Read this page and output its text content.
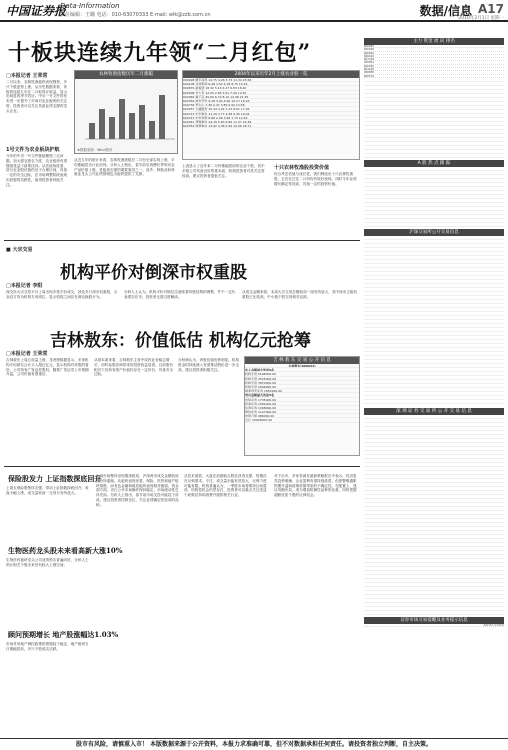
中国证券报
Data·Information
责任编辑：王璐 电话：010-63070333 E-mail: wlk@zzb.com.cn	数据/信息 A17
2010年2月1日 星期一
十板块连续九年领“二月红包”
□本报记者 王荣常
二月以来，农林牧渔板块表现强势，多只个股逆势上涨，从历史数据来看，该板块连续九年在二月取得正收益，显示出明显的季节效应。中央一号文件的发布进一步提升了市场对农业板块的关注度，投资者可以关注具备业绩支撑的龙头企业。
1号文件为农业板块护航
今年的中央一号文件继续聚焦三农问题，加大强农惠农力度，农业板块有望继续受益于政策扶持。从估值角度看，部分农业股估值仍处于合理区间，具备一定的安全边际，在市场调整阶段表现出较强的抗跌性，值得投资者持续关注。
农林牧渔指数历年二月涨幅
★数据来源：Wind资讯
从近九年的统计来看，农林牧渔指数在二月份全部实现上涨，平均涨幅居各行业前列。分析人士指出，春节前后消费旺季带动农产品价格上涨，是板块走强的重要原因之一。此外，种植业和养殖业龙头公司业绩预增也为板块提供了支撑。
2004年以来历年2月上涨农业股一览
000998 隆平高科 14.75 4.26 5.73 11.34 23.56
600108 亚盛集团 6.48 3.52 4.18 8.75 15.22
000876 新希望 18.32 5.14 6.27 9.83 18.40
600598 北大荒 12.05 2.83 3.91 7.26 14.87
002069 獐子岛 45.60 6.72 8.15 12.48 21.35
600359 新农开发 9.18 3.04 4.66 10.17 16.93
000735 罗牛山 7.36 2.47 3.85 6.92 13.58
600257 大湖股份 10.44 4.01 5.23 8.61 17.26
000713 丰乐种业 11.29 3.77 4.98 9.45 19.04
600313 中农资源 8.86 2.96 3.48 7.73 12.65
002041 登海种业 24.15 5.63 6.84 11.27 20.39
600354 敦煌种业 13.92 4.38 5.56 10.06 18.71
上表显示了近年来二月份涨幅居前的农业个股，其中多数公司具备良好的基本面，机构投资者对其关注度较高，建议投资者逢低关注。
十只农林牧渔股投资价值
综合考虑估值与成长性，我们筛选出十只农林牧渔股，它们在过往二月份均有较好表现，同时今年业绩增长确定性较高，具备一定的投资价值。
■ 大宗交易
机构平价对倒深市权重股
□本报记者 李阳
深交所大宗交易平台上周出现多笔平价成交，涉及多只深市权重股，买卖双方均为机构专用席位，显示机构之间存在调仓换股行为。
分析人士认为，机构平价对倒往往意味着持股结构的调整，并不一定代表看空后市，投资者无需过度解读。
从成交金额来看，本周大宗交易总额较前一周有所放大，其中深市主板权重股占比较高，中小板个股交易相对活跃。
吉林敖东：价值低估 机构亿元抢筹
□本报记者 王荣常
吉林敖东上周五放量上涨，龙虎榜数据显示，多家机构专用席位合计买入超过亿元，显示机构对该股的看好。公司持有广发证券股权，随着广发证券上市预期升温，公司价值有望重估。
从基本面来看，吉林敖东主营中成药业务稳定增长，同时参股券商带来的投资收益显著。目前股价相对于其持有资产价值仍存在一定折价，具备安全边际。
分析师认为，该股估值优势明显，机构资金的持续流入有望推动股价进一步走高，建议投资者积极关注。
吉 林 敖 东 交 易 公 开 信 息
吉林敖东(000623)
买入金额最大的前5名
机构专用 5168000.00
机构专用 4525000.00
机构专用 3870000.00
机构专用 2946000.00
国泰君安证券 1852000.00
卖出金额最大的前5名
中信证券 1735000.00
招商证券 1562000.00
华泰证券 1308000.00
国信证券 1147000.00
申银万国 986000.00
合计 20099000.00
保险股发力 上证指数探底回升
上周五保险股集体走强，带动上证指数探底回升，收盘小幅上涨，成交量较前一交易日有所放大。
生物医药龙头股未来看高新大涨10%
生物医药板块龙头公司业绩预告普遍向好，分析人士预计相关个股未来仍有较大上涨空间。
顾问预期增长 地产股涨幅达1.03%
市场对房地产调控政策的预期趋于稳定，地产板块当日涨幅居前，多只个股成交活跃。
上周市场整体呈现震荡格局，沪深两市成交金额较前期有所萎缩。从板块表现来看，保险、医药和地产板块领涨，而有色金属和煤炭板块表现相对疲弱。资金面方面，央行公开市场操作保持稳定，市场流动性总体充裕。分析人士指出，春节前市场交投可能趋于清淡，建议投资者控制仓位，关注业绩确定性较高的品种。
从技术面看，大盘在前期低点附近获得支撑，短期存在反弹需求。不过，成交量未能有效放大，反弹力度可能有限。机构普遍认为，一季度市场将维持区间震荡，结构性机会仍然存在，投资者可以重点关注受益于政策扶持和消费升级的相关行业。
对于后市，多家券商在最新策略报告中表示，经济复苏趋势明确，企业盈利有望持续改善，但需警惕通胀预期升温和政策收紧带来的不确定性。在配置上，建议均衡布局，适当增加防御性品种的比重，同时把握超跌优质个股的反弹机会。
主力 资金 流 向 排名
600000
600036
000002
600016
601318
000001
600030
601166
000858
600519
A 股 热 点 跟 踪
沪深交易所公开交易信息
深 圳 证 券 交 易 所 公 开 交 易 信 息
证券市场交易提醒及业务提示信息
本报信息仅供参考
股市有风险，请慎重入市！ 本版数据来源于公开资料，本报力求准确可靠，但不对数据承担任何责任。请投资者独立判断，自主决策。
